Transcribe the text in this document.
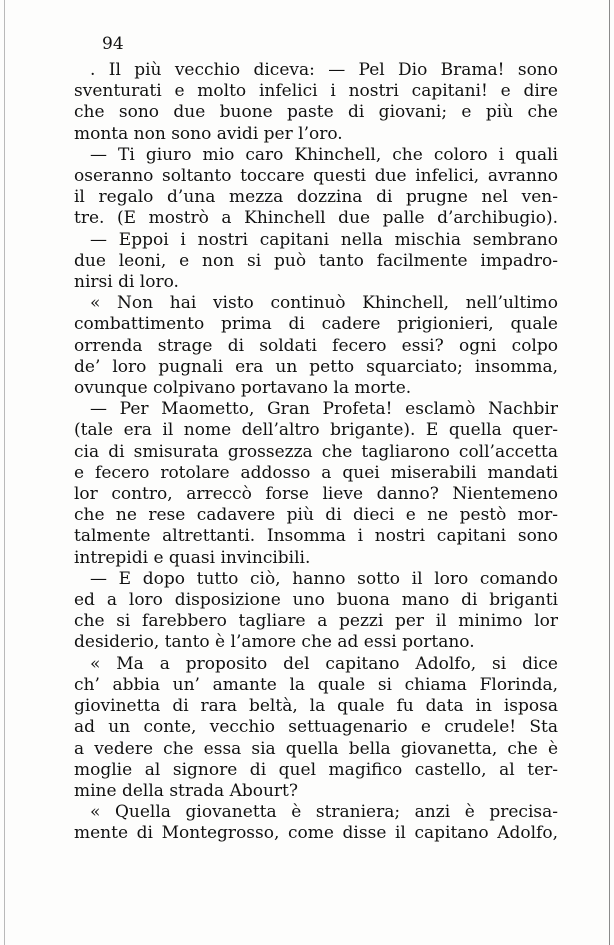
94

. Il più vecchio diceva: — Pel Dio Brama! sono
sventurati e molto infelici i nostri capitani! e dire
che sono due buone paste di giovani; e più che
monta non sono avidi per l’oro.
— Ti giuro mio caro Khinchell, che coloro i quali
oseranno soltanto toccare questi due infelici, avranno
il regalo d’una mezza dozzina di prugne nel ven-
tre. (E mostrò a Khinchell due palle d’archibugio).
— Eppoi i nostri capitani nella mischia sembrano
due leoni, e non si può tanto facilmente impadro-
nirsi di loro.
« Non hai visto continuò Khinchell, nell’ultimo
combattimento prima di cadere prigionieri, quale
orrenda strage di soldati fecero essi? ogni colpo
de’ loro pugnali era un petto squarciato; insomma,
ovunque colpivano portavano la morte.
— Per Maometto, Gran Profeta! esclamò Nachbir
(tale era il nome dell’altro brigante). E quella quer-
cia di smisurata grossezza che tagliarono coll’accetta
e fecero rotolare addosso a quei miserabili mandati
lor contro, arreccò forse lieve danno? Nientemeno
che ne rese cadavere più di dieci e ne pestò mor-
talmente altrettanti. Insomma i nostri capitani sono
intrepidi e quasi invincibili.
— E dopo tutto ciò, hanno sotto il loro comando
ed a loro disposizione uno buona mano di briganti
che si farebbero tagliare a pezzi per il minimo lor
desiderio, tanto è l’amore che ad essi portano.
« Ma a proposito del capitano Adolfo, si dice
ch’ abbia un’ amante la quale si chiama Florinda,
giovinetta di rara beltà, la quale fu data in isposa
ad un conte, vecchio settuagenario e crudele! Sta
a vedere che essa sia quella bella giovanetta, che è
moglie al signore di quel magifico castello, al ter-
mine della strada Abourt?
« Quella giovanetta è straniera; anzi è precisa-
mente di Montegrosso, come disse il capitano Adolfo,
